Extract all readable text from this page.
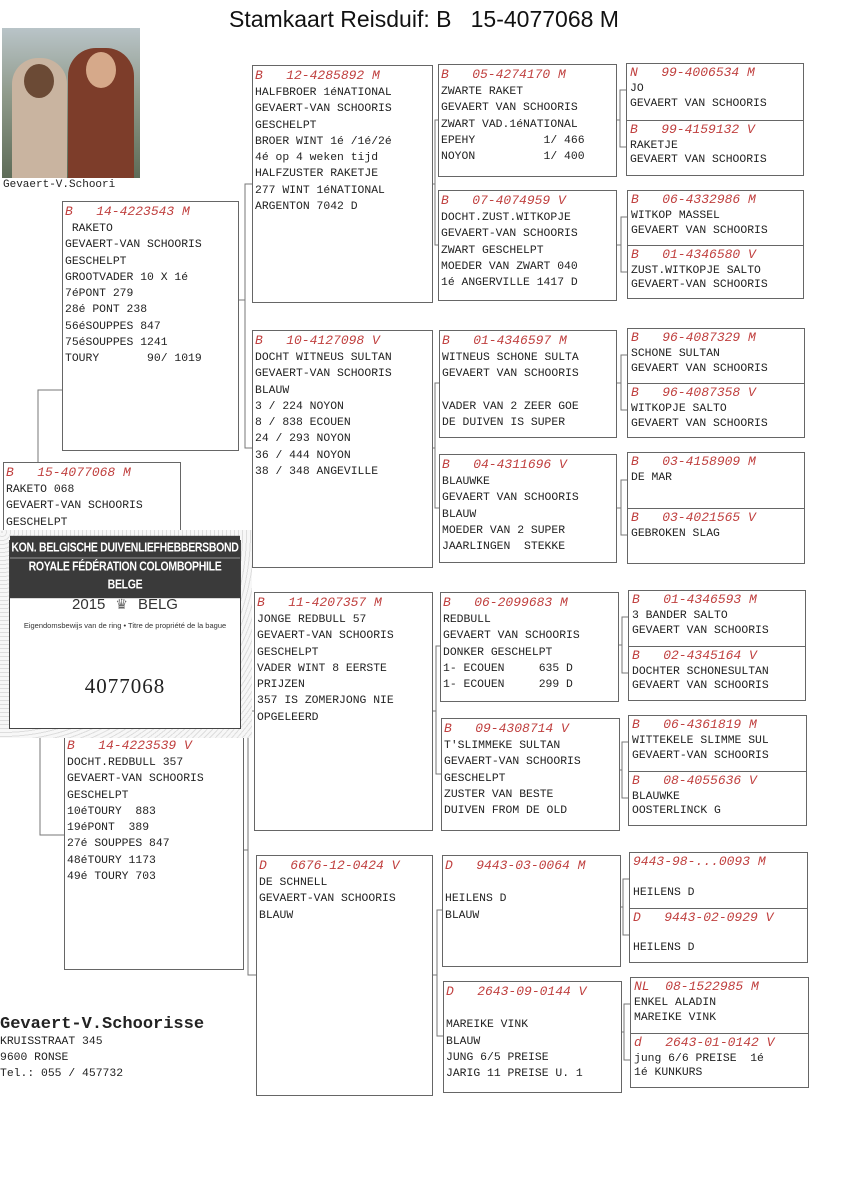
Stamkaart Reisduif: B   15-4077068 M
Gevaert-V.Schoori
B   14-4223543 M
RAKETO
GEVAERT-VAN SCHOORIS
GESCHELPT
GROOTVADER 10 X 1é
7éPONT 279
28é PONT 238
56éSOUPPES 847
75éSOUPPES 1241
TOURY       90/ 1019
B   15-4077068 M
RAKETO 068
GEVAERT-VAN SCHOORIS
GESCHELPT
B   14-4223539 V
DOCHT.REDBULL 357
GEVAERT-VAN SCHOORIS
GESCHELPT
10éTOURY  883
19éPONT  389
27é SOUPPES 847
48éTOURY 1173
49é TOURY 703
B   12-4285892 M
HALFBROER 1éNATIONAL
GEVAERT-VAN SCHOORIS
GESCHELPT
BROER WINT 1é /1é/2é
4é op 4 weken tijd
HALFZUSTER RAKETJE
277 WINT 1éNATIONAL
ARGENTON 7042 D
B   10-4127098 V
DOCHT WITNEUS SULTAN
GEVAERT-VAN SCHOORIS
BLAUW
3 / 224 NOYON
8 / 838 ECOUEN
24 / 293 NOYON
36 / 444 NOYON
38 / 348 ANGEVILLE
B   11-4207357 M
JONGE REDBULL 57
GEVAERT-VAN SCHOORIS
GESCHELPT
VADER WINT 8 EERSTE
PRIJZEN
357 IS ZOMERJONG NIE
OPGELEERD
D   6676-12-0424 V
DE SCHNELL
GEVAERT-VAN SCHOORIS
BLAUW
B   05-4274170 M
ZWARTE RAKET
GEVAERT VAN SCHOORIS
ZWART VAD.1éNATIONAL
EPEHY          1/ 466
NOYON          1/ 400
B   07-4074959 V
DOCHT.ZUST.WITKOPJE
GEVAERT-VAN SCHOORIS
ZWART GESCHELPT
MOEDER VAN ZWART 040
1é ANGERVILLE 1417 D
B   01-4346597 M
WITNEUS SCHONE SULTA
GEVAERT VAN SCHOORIS

VADER VAN 2 ZEER GOE
DE DUIVEN IS SUPER
B   04-4311696 V
BLAUWKE
GEVAERT VAN SCHOORIS
BLAUW
MOEDER VAN 2 SUPER
JAARLINGEN  STEKKE
B   06-2099683 M
REDBULL
GEVAERT VAN SCHOORIS
DONKER GESCHELPT
1- ECOUEN     635 D
1- ECOUEN     299 D
B   09-4308714 V
T'SLIMMEKE SULTAN
GEVAERT-VAN SCHOORIS
GESCHELPT
ZUSTER VAN BESTE
DUIVEN FROM DE OLD
D   9443-03-0064 M

HEILENS D
BLAUW
D   2643-09-0144 V

MAREIKE VINK
BLAUW
JUNG 6/5 PREISE
JARIG 11 PREISE U. 1
N   99-4006534 M
JO
GEVAERT VAN SCHOORIS
B   99-4159132 V
RAKETJE
GEVAERT VAN SCHOORIS
B   06-4332986 M
WITKOP MASSEL
GEVAERT VAN SCHOORIS
B   01-4346580 V
ZUST.WITKOPJE SALTO
GEVAERT-VAN SCHOORIS
B   96-4087329 M
SCHONE SULTAN
GEVAERT VAN SCHOORIS
B   96-4087358 V
WITKOPJE SALTO
GEVAERT VAN SCHOORIS
B   03-4158909 M
DE MAR
B   03-4021565 V
GEBROKEN SLAG
B   01-4346593 M
3 BANDER SALTO
GEVAERT VAN SCHOORIS
B   02-4345164 V
DOCHTER SCHONESULTAN
GEVAERT VAN SCHOORIS
B   06-4361819 M
WITTEKELE SLIMME SUL
GEVAERT-VAN SCHOORIS
B   08-4055636 V
BLAUWKE
OOSTERLINCK G
9443-98-...0093 M

HEILENS D
D   9443-02-0929 V

HEILENS D
NL  08-1522985 M
ENKEL ALADIN
MAREIKE VINK
d   2643-01-0142 V
jung 6/6 PREISE  1é
1é KUNKURS
KON. BELGISCHE DUIVENLIEFHEBBERSBOND
ROYALE FÉDÉRATION COLOMBOPHILE BELGE
2015 ♛ BELG
Eigendomsbewijs van de ring • Titre de propriété de la bague
4077068
Gevaert-V.Schoorisse
KRUISSTRAAT 345
9600 RONSE
Tel.: 055 / 457732
